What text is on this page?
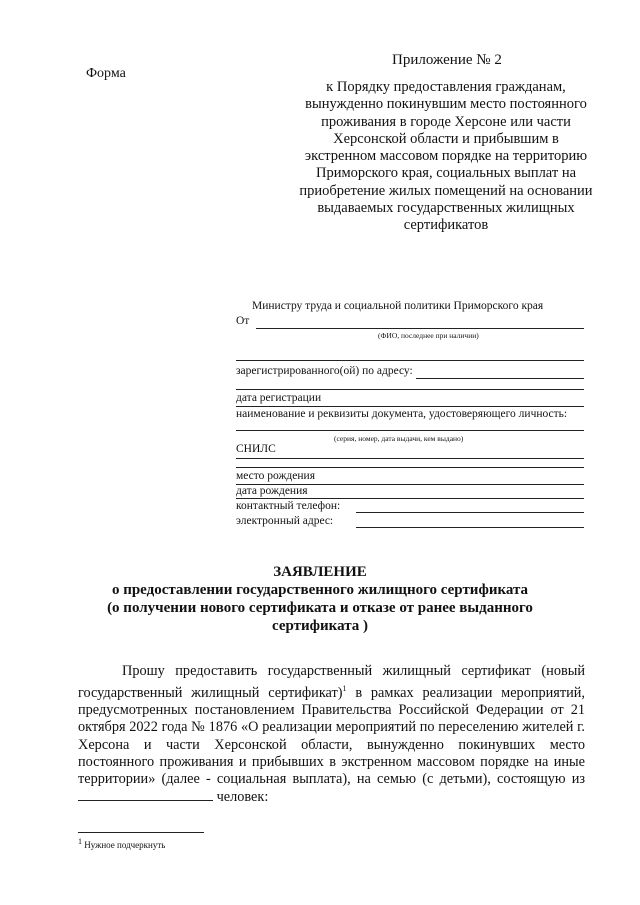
Форма
Приложение № 2
к Порядку предоставления гражданам, вынужденно покинувшим место постоянного проживания в городе Херсоне или части Херсонской области и прибывшим в экстренном массовом порядке на территорию Приморского края, социальных выплат на приобретение жилых помещений на основании выдаваемых государственных жилищных сертификатов
Министру труда и социальной политики Приморского края
От
(ФИО, последнее при наличии)
зарегистрированного(ой) по адресу:
дата регистрации
наименование и реквизиты документа, удостоверяющего личность:
(серия, номер, дата выдачи, кем выдано)
СНИЛС
место рождения
дата рождения
контактный телефон:
электронный адрес:
ЗАЯВЛЕНИЕ
о предоставлении государственного жилищного сертификата
(о получении нового сертификата и отказе от ранее выданного
сертификата )
Прошу предоставить государственный жилищный сертификат (новый государственный жилищный сертификат)$^1$ в рамках реализации мероприятий, предусмотренных постановлением Правительства Российской Федерации от 21 октября 2022 года № 1876 «О реализации мероприятий по переселению жителей г. Херсона и части Херсонской области, вынужденно покинувших место постоянного проживания и прибывших в экстренном массовом порядке на иные территории» (далее - социальная выплата), на семью (с детьми), состоящую из  человек:
$^1$ Нужное подчеркнуть
